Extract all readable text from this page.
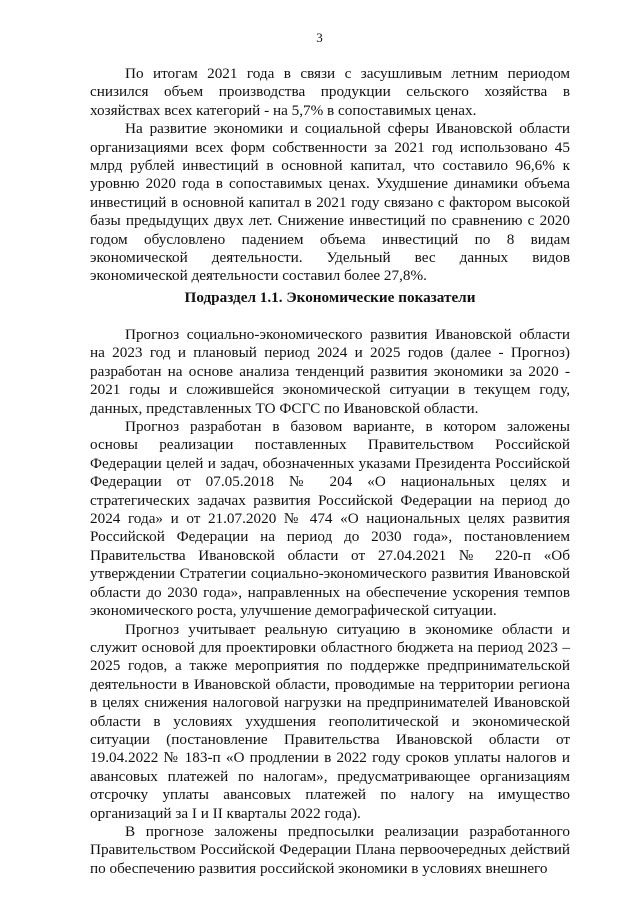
3

По итогам 2021 года в связи с засушливым летним периодом снизился объем производства продукции сельского хозяйства в хозяйствах всех категорий - на 5,7% в сопоставимых ценах.

На развитие экономики и социальной сферы Ивановской области организациями всех форм собственности за 2021 год использовано 45 млрд рублей инвестиций в основной капитал, что составило 96,6% к уровню 2020 года в сопоставимых ценах. Ухудшение динамики объема инвестиций в основной капитал в 2021 году связано с фактором высокой базы предыдущих двух лет. Снижение инвестиций по сравнению с 2020 годом обусловлено падением объема инвестиций по 8 видам экономической деятельности. Удельный вес данных видов экономической деятельности составил более 27,8%.

Подраздел 1.1. Экономические показатели

Прогноз социально-экономического развития Ивановской области на 2023 год и плановый период 2024 и 2025 годов (далее - Прогноз) разработан на основе анализа тенденций развития экономики за 2020 - 2021 годы и сложившейся экономической ситуации в текущем году, данных, представленных ТО ФСГС по Ивановской области.

Прогноз разработан в базовом варианте, в котором заложены основы реализации поставленных Правительством Российской Федерации целей и задач, обозначенных указами Президента Российской Федерации от 07.05.2018 № 204 «О национальных целях и стратегических задачах развития Российской Федерации на период до 2024 года» и от 21.07.2020 № 474 «О национальных целях развития Российской Федерации на период до 2030 года», постановлением Правительства Ивановской области от 27.04.2021 № 220-п «Об утверждении Стратегии социально-экономического развития Ивановской области до 2030 года», направленных на обеспечение ускорения темпов экономического роста, улучшение демографической ситуации.

Прогноз учитывает реальную ситуацию в экономике области и служит основой для проектировки областного бюджета на период 2023 – 2025 годов, а также мероприятия по поддержке предпринимательской деятельности в Ивановской области, проводимые на территории региона в целях снижения налоговой нагрузки на предпринимателей Ивановской области в условиях ухудшения геополитической и экономической ситуации (постановление Правительства Ивановской области от 19.04.2022 № 183-п «О продлении в 2022 году сроков уплаты налогов и авансовых платежей по налогам», предусматривающее организациям отсрочку уплаты авансовых платежей по налогу на имущество организаций за I и II кварталы 2022 года).

В прогнозе заложены предпосылки реализации разработанного Правительством Российской Федерации Плана первоочередных действий по обеспечению развития российской экономики в условиях внешнего
